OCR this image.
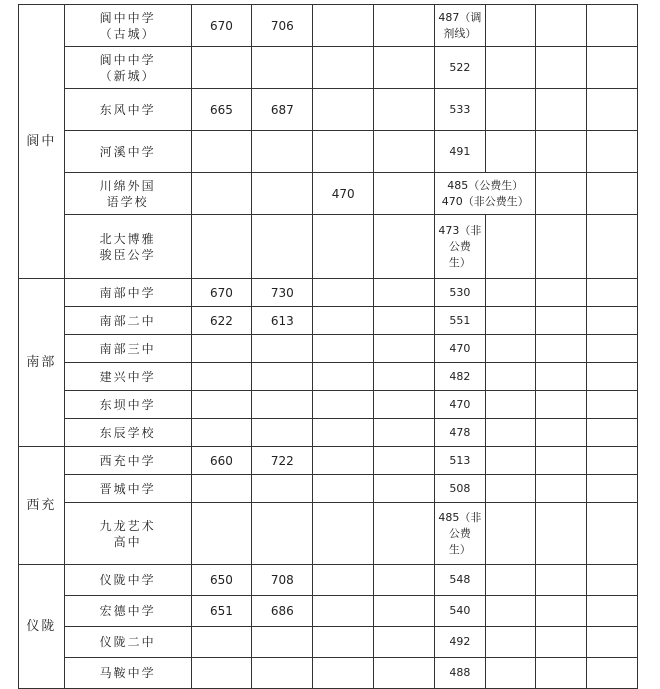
阆中	阆中中学
（古城）	670	706			487（调
剂线）			
	阆中中学
（新城）					522			
	东风中学	665	687			533			
	河溪中学					491			
	川绵外国
语学校			470		485（公费生）
470（非公费生）			
	北大博雅
骏臣公学					473（非
公费
生）			
南部	南部中学	670	730			530			
	南部二中	622	613			551			
	南部三中					470			
	建兴中学					482			
	东坝中学					470			
	东辰学校					478			
西充	西充中学	660	722			513			
	晋城中学					508			
	九龙艺术
高中					485（非
公费
生）			
仪陇	仪陇中学	650	708			548			
	宏德中学	651	686			540			
	仪陇二中					492			
	马鞍中学					488			
